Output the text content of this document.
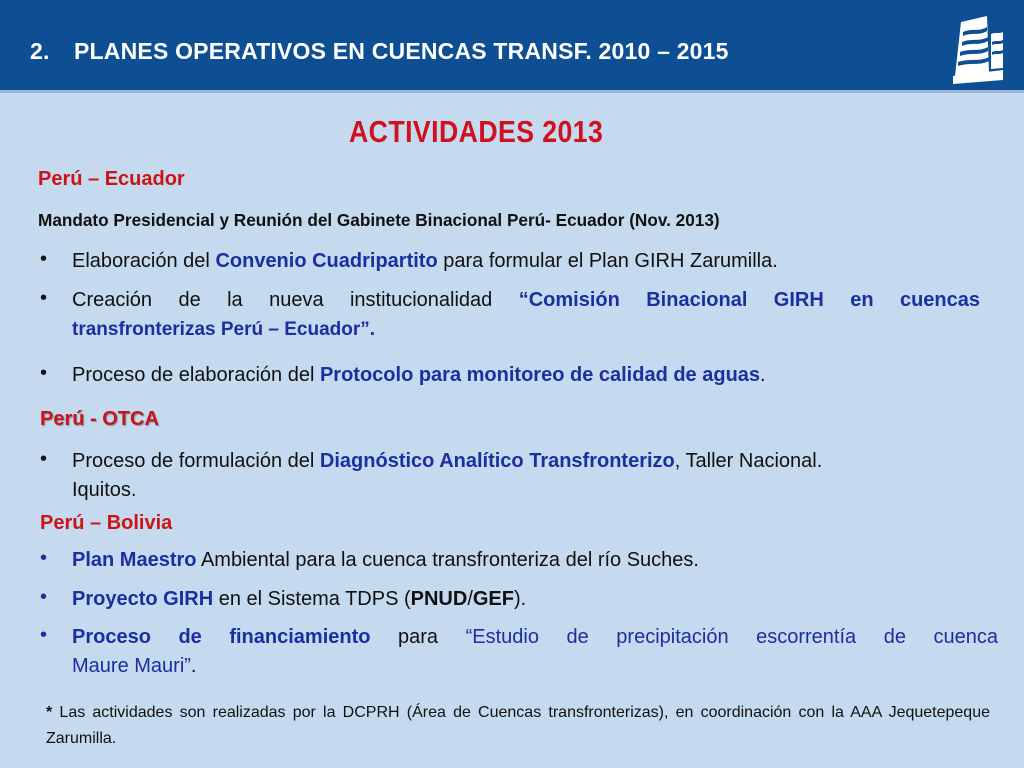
2. PLANES OPERATIVOS EN CUENCAS TRANSF. 2010 – 2015
ACTIVIDADES 2013
Perú – Ecuador
Mandato Presidencial y Reunión del Gabinete Binacional Perú- Ecuador (Nov. 2013)
•	Elaboración del Convenio Cuadripartito para formular el Plan GIRH Zarumilla.
•	Creación de la nueva institucionalidad “Comisión Binacional GIRH en cuencas
transfronterizas Perú – Ecuador”.
•	Proceso de elaboración del Protocolo para monitoreo de calidad de aguas.
Perú - OTCA
•	Proceso de formulación del Diagnóstico Analítico Transfronterizo, Taller Nacional.
Iquitos.
Perú – Bolivia
•	Plan Maestro Ambiental para la cuenca transfronteriza del río Suches.
•	Proyecto GIRH en el Sistema TDPS (PNUD/GEF).
•	Proceso de financiamiento para “Estudio de precipitación escorrentía de cuenca
Maure Mauri”.
* Las actividades son realizadas por la DCPRH (Área de Cuencas transfronterizas), en coordinación con la AAA Jequetepeque Zarumilla.
